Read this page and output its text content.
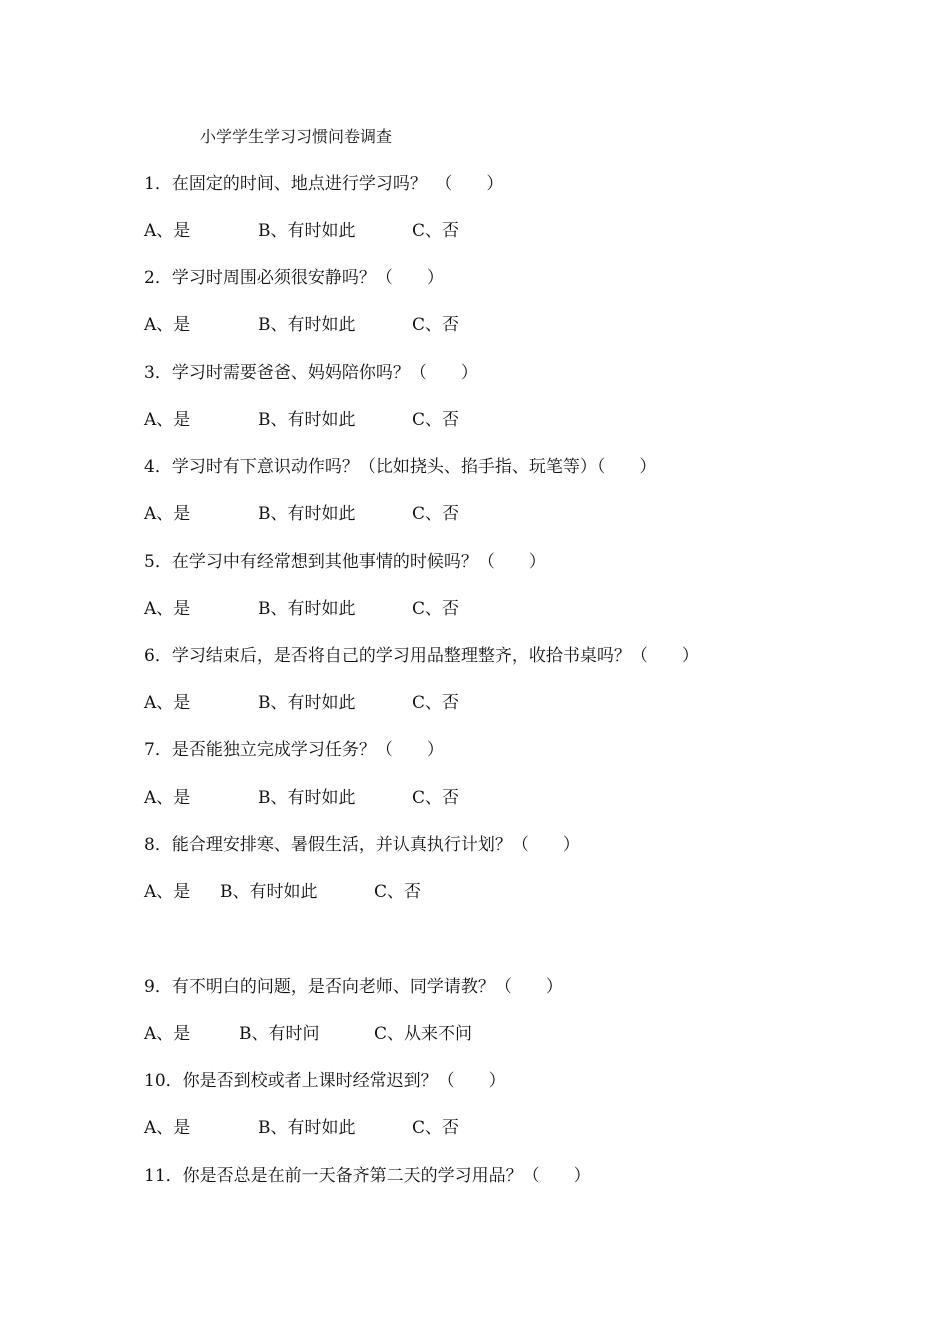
小学学生学习习惯问卷调查
1．在固定的时间、地点进行学习吗？　（　　）
A、是	B、有时如此	C、否
2．学习时周围必须很安静吗？（　　）
A、是	B、有时如此	C、否
3．学习时需要爸爸、妈妈陪你吗？（　　）
A、是	B、有时如此	C、否
4．学习时有下意识动作吗？（比如挠头、掐手指、玩笔等）（　　）
A、是	B、有时如此	C、否
5．在学习中有经常想到其他事情的时候吗？（　　）
A、是	B、有时如此	C、否
6．学习结束后，是否将自己的学习用品整理整齐，收拾书桌吗？（　　）
A、是	B、有时如此	C、否
7．是否能独立完成学习任务？（　　）
A、是	B、有时如此	C、否
8．能合理安排寒、暑假生活，并认真执行计划？（　　）
A、是 B、有时如此	C、否
9．有不明白的问题，是否向老师、同学请教？（　　）
A、是	B、有时问	C、从来不问
10．你是否到校或者上课时经常迟到？（　　）
A、是	B、有时如此	C、否
11．你是否总是在前一天备齐第二天的学习用品？（　　）
